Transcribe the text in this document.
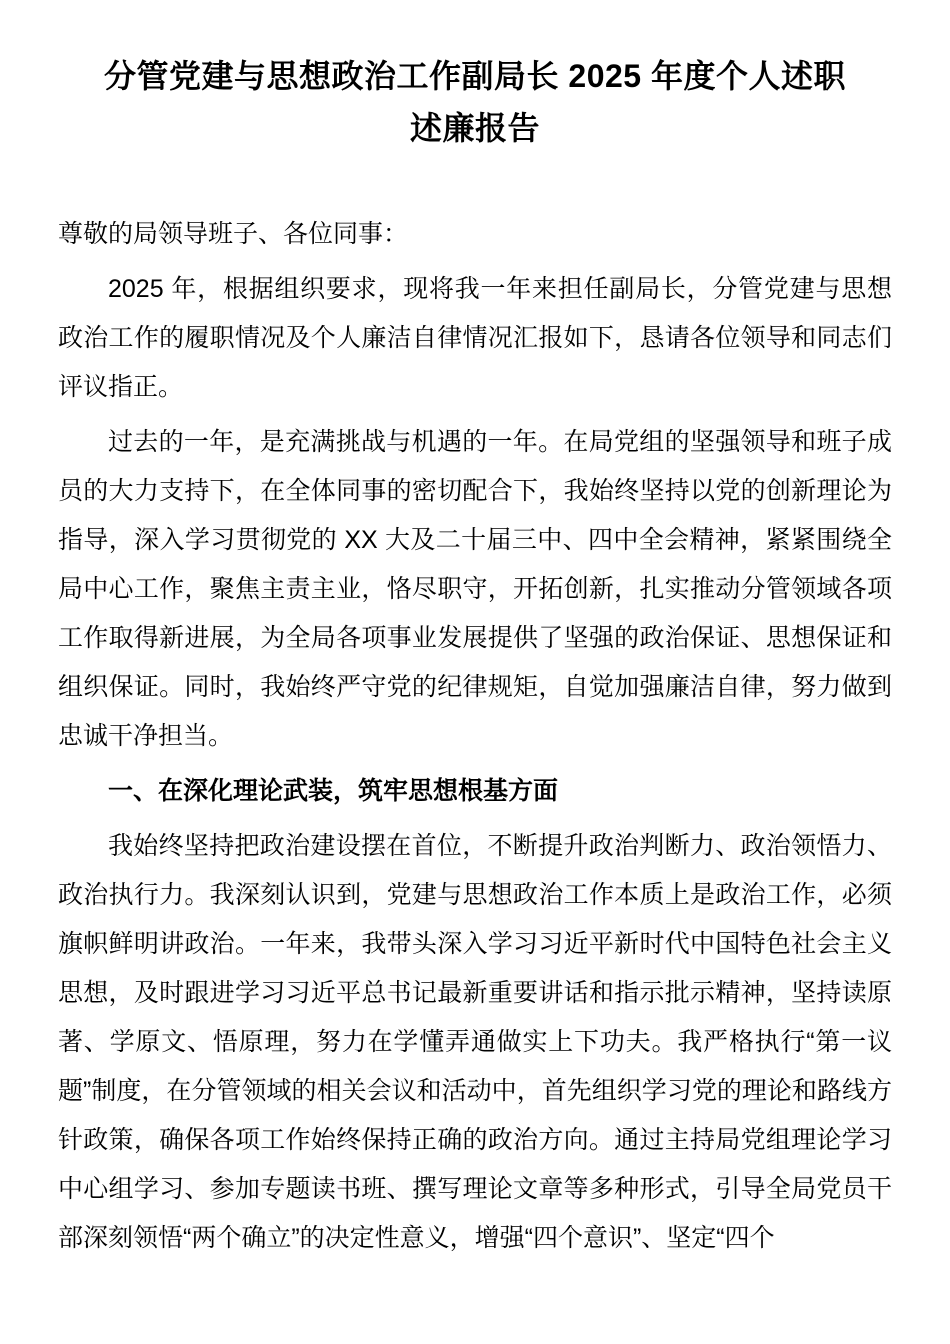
分管党建与思想政治工作副局长 2025 年度个人述职
述廉报告

尊敬的局领导班子、各位同事：

2025 年，根据组织要求，现将我一年来担任副局长，分管党建与思想政治工作的履职情况及个人廉洁自律情况汇报如下，恳请各位领导和同志们评议指正。

过去的一年，是充满挑战与机遇的一年。在局党组的坚强领导和班子成员的大力支持下，在全体同事的密切配合下，我始终坚持以党的创新理论为指导，深入学习贯彻党的 XX 大及二十届三中、四中全会精神，紧紧围绕全局中心工作，聚焦主责主业，恪尽职守，开拓创新，扎实推动分管领域各项工作取得新进展，为全局各项事业发展提供了坚强的政治保证、思想保证和组织保证。同时，我始终严守党的纪律规矩，自觉加强廉洁自律，努力做到忠诚干净担当。

一、在深化理论武装，筑牢思想根基方面

我始终坚持把政治建设摆在首位，不断提升政治判断力、政治领悟力、政治执行力。我深刻认识到，党建与思想政治工作本质上是政治工作，必须旗帜鲜明讲政治。一年来，我带头深入学习习近平新时代中国特色社会主义思想，及时跟进学习习近平总书记最新重要讲话和指示批示精神，坚持读原著、学原文、悟原理，努力在学懂弄通做实上下功夫。我严格执行“第一议题”制度，在分管领域的相关会议和活动中，首先组织学习党的理论和路线方针政策，确保各项工作始终保持正确的政治方向。通过主持局党组理论学习中心组学习、参加专题读书班、撰写理论文章等多种形式，引导全局党员干部深刻领悟“两个确立”的决定性意义，增强“四个意识”、坚定“四个
